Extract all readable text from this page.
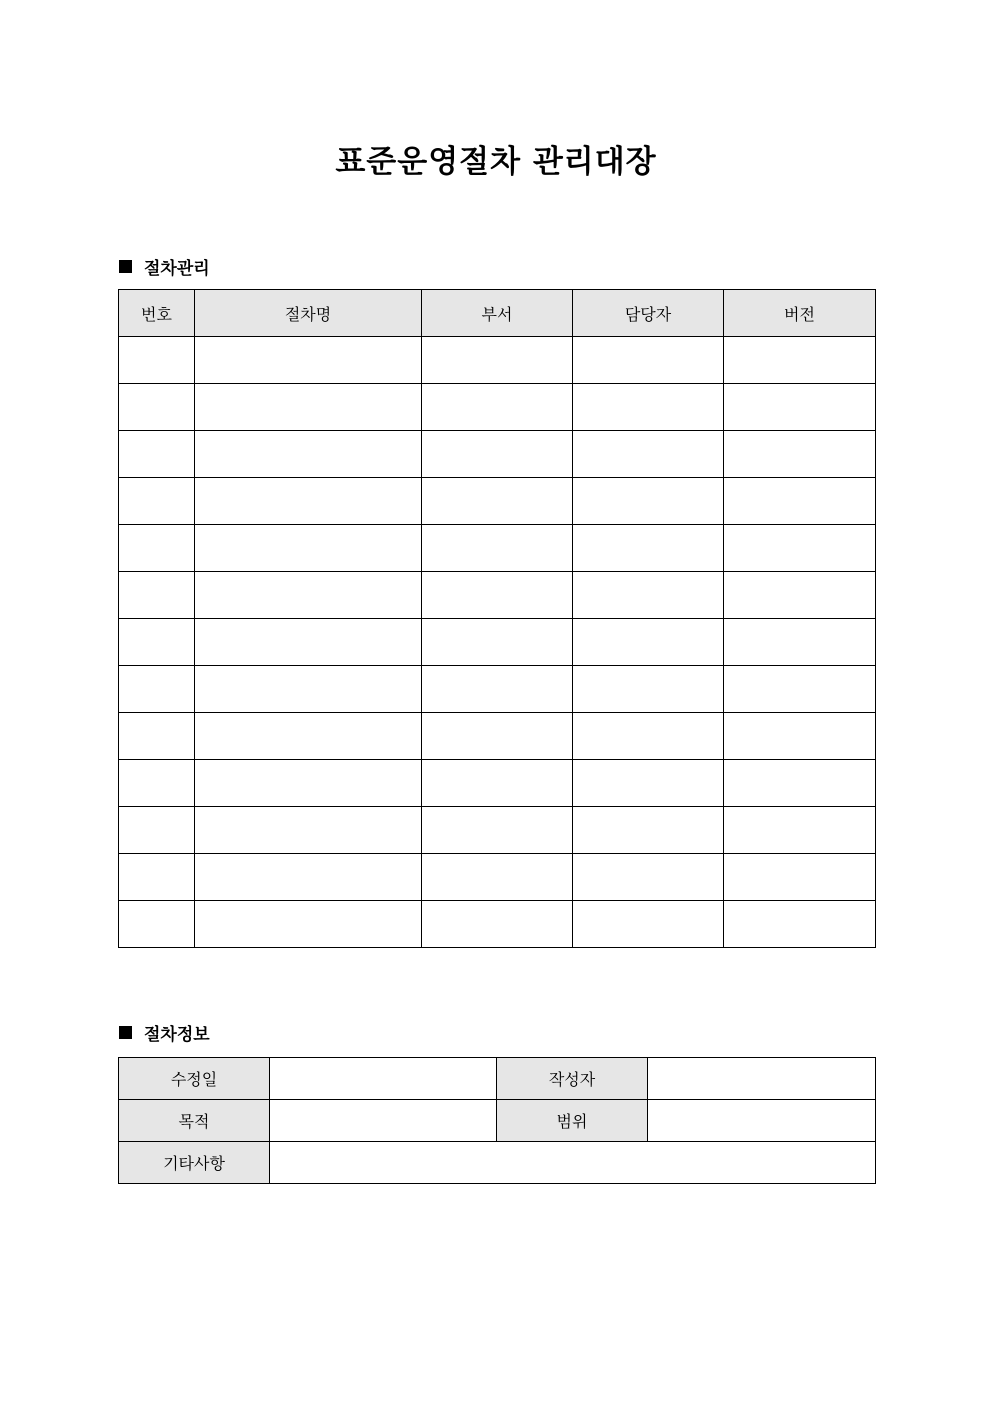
표준운영절차 관리대장
절차관리
번호	절차명	부서	담당자	버전

절차정보
수정일		작성자	
목적		범위	
기타사항			
